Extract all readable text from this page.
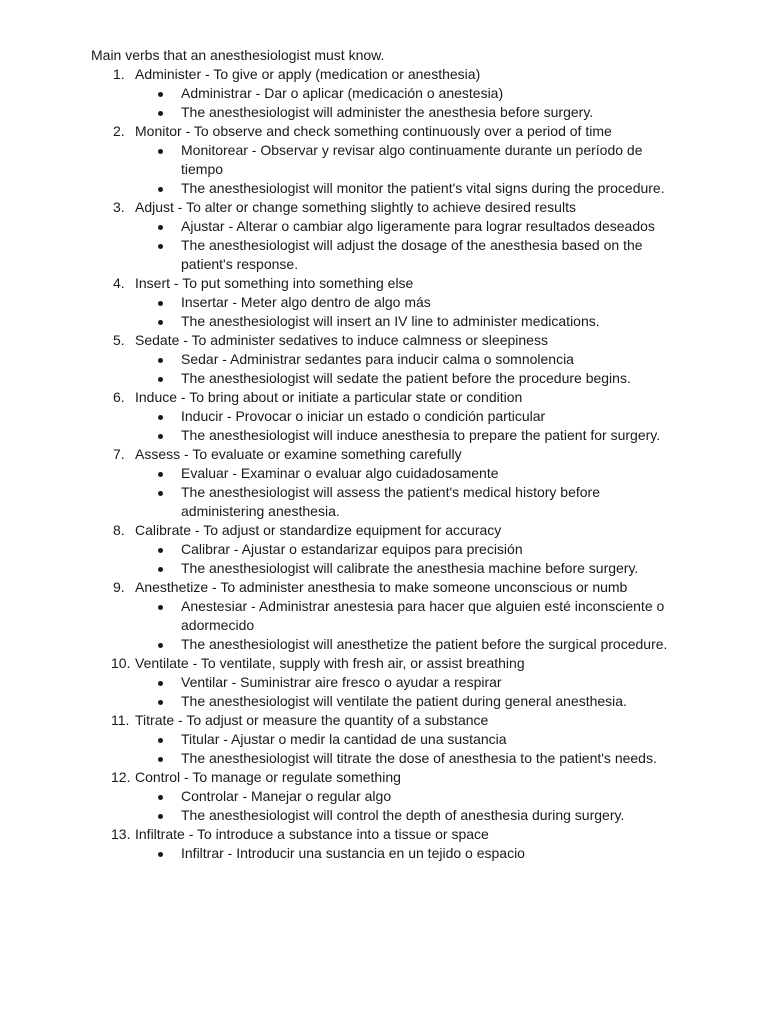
Main verbs that an anesthesiologist must know.
1. Administer - To give or apply (medication or anesthesia)
Administrar - Dar o aplicar (medicación o anestesia)
The anesthesiologist will administer the anesthesia before surgery.
2. Monitor - To observe and check something continuously over a period of time
Monitorear - Observar y revisar algo continuamente durante un período de tiempo
The anesthesiologist will monitor the patient's vital signs during the procedure.
3. Adjust - To alter or change something slightly to achieve desired results
Ajustar - Alterar o cambiar algo ligeramente para lograr resultados deseados
The anesthesiologist will adjust the dosage of the anesthesia based on the patient's response.
4. Insert - To put something into something else
Insertar - Meter algo dentro de algo más
The anesthesiologist will insert an IV line to administer medications.
5. Sedate - To administer sedatives to induce calmness or sleepiness
Sedar - Administrar sedantes para inducir calma o somnolencia
The anesthesiologist will sedate the patient before the procedure begins.
6. Induce - To bring about or initiate a particular state or condition
Inducir - Provocar o iniciar un estado o condición particular
The anesthesiologist will induce anesthesia to prepare the patient for surgery.
7. Assess - To evaluate or examine something carefully
Evaluar - Examinar o evaluar algo cuidadosamente
The anesthesiologist will assess the patient's medical history before administering anesthesia.
8. Calibrate - To adjust or standardize equipment for accuracy
Calibrar - Ajustar o estandarizar equipos para precisión
The anesthesiologist will calibrate the anesthesia machine before surgery.
9. Anesthetize - To administer anesthesia to make someone unconscious or numb
Anestesiar - Administrar anestesia para hacer que alguien esté inconsciente o adormecido
The anesthesiologist will anesthetize the patient before the surgical procedure.
10. Ventilate - To ventilate, supply with fresh air, or assist breathing
Ventilar - Suministrar aire fresco o ayudar a respirar
The anesthesiologist will ventilate the patient during general anesthesia.
11. Titrate - To adjust or measure the quantity of a substance
Titular - Ajustar o medir la cantidad de una sustancia
The anesthesiologist will titrate the dose of anesthesia to the patient's needs.
12. Control - To manage or regulate something
Controlar - Manejar o regular algo
The anesthesiologist will control the depth of anesthesia during surgery.
13. Infiltrate - To introduce a substance into a tissue or space
Infiltrar - Introducir una sustancia en un tejido o espacio
